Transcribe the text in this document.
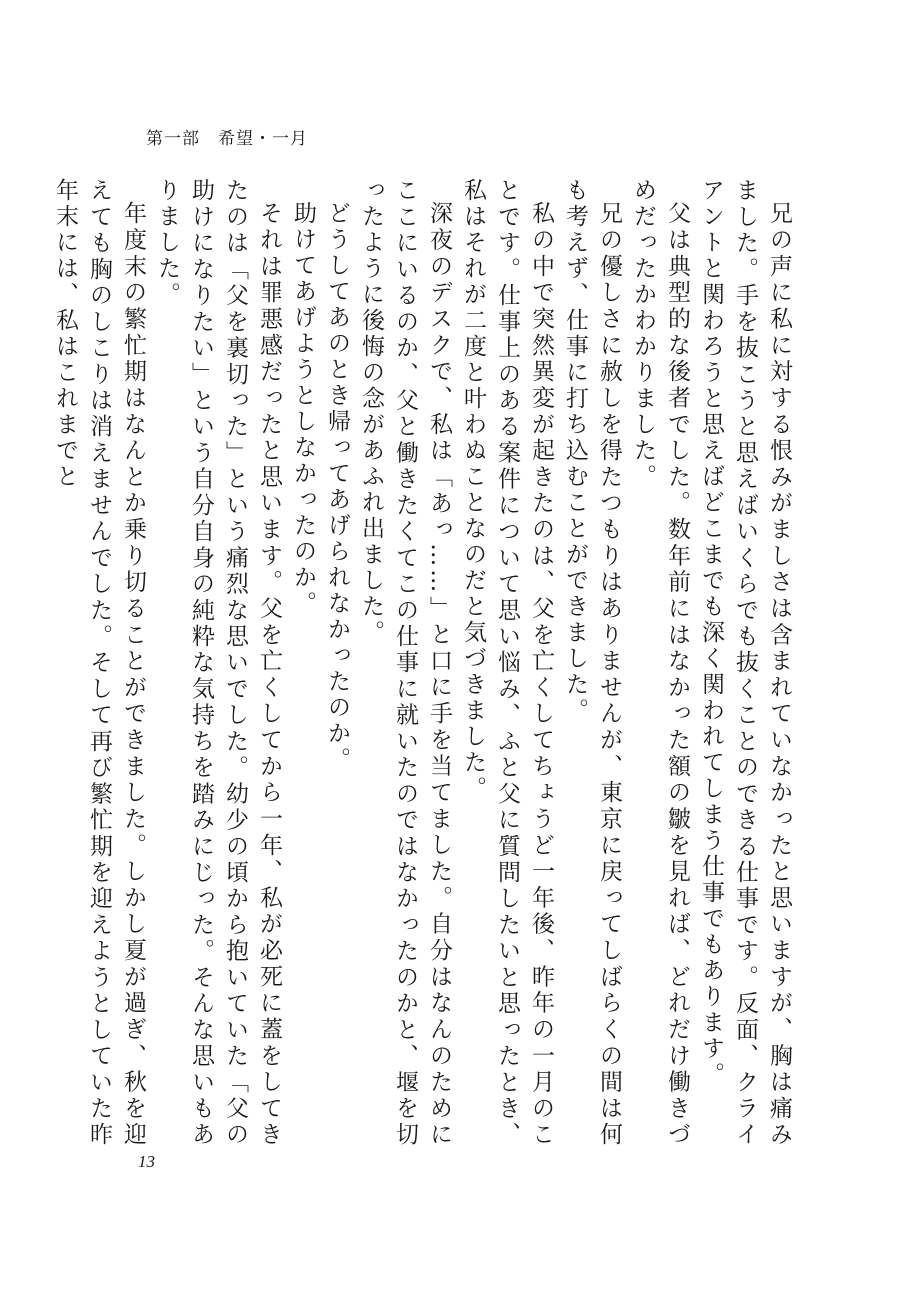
第一部　希望・一月

兄の声に私に対する恨みがましさは含まれていなかったと思いますが、胸は痛みました。手を抜こうと思えばいくらでも抜くことのできる仕事です。反面、クライアントと関わろうと思えばどこまでも深く関われてしまう仕事でもあります。

父は典型的な後者でした。数年前にはなかった額の皺を見れば、どれだけ働きづめだったかわかりました。

兄の優しさに赦しを得たつもりはありませんが、東京に戻ってしばらくの間は何も考えず、仕事に打ち込むことができました。

私の中で突然異変が起きたのは、父を亡くしてちょうど一年後、昨年の一月のことです。仕事上のある案件について思い悩み、ふと父に質問したいと思ったとき、私はそれが二度と叶わぬことなのだと気づきました。

深夜のデスクで、私は「あっ……」と口に手を当てました。自分はなんのためにここにいるのか、父と働きたくてこの仕事に就いたのではなかったのかと、堰を切ったように後悔の念があふれ出ました。

どうしてあのとき帰ってあげられなかったのか。

助けてあげようとしなかったのか。

それは罪悪感だったと思います。父を亡くしてから一年、私が必死に蓋をしてきたのは「父を裏切った」という痛烈な思いでした。幼少の頃から抱いていた「父の助けになりたい」という自分自身の純粋な気持ちを踏みにじった。そんな思いもありました。

年度末の繁忙期はなんとか乗り切ることができました。しかし夏が過ぎ、秋を迎えても胸のしこりは消えませんでした。そして再び繁忙期を迎えようとしていた昨年末には、私はこれまでと

13
